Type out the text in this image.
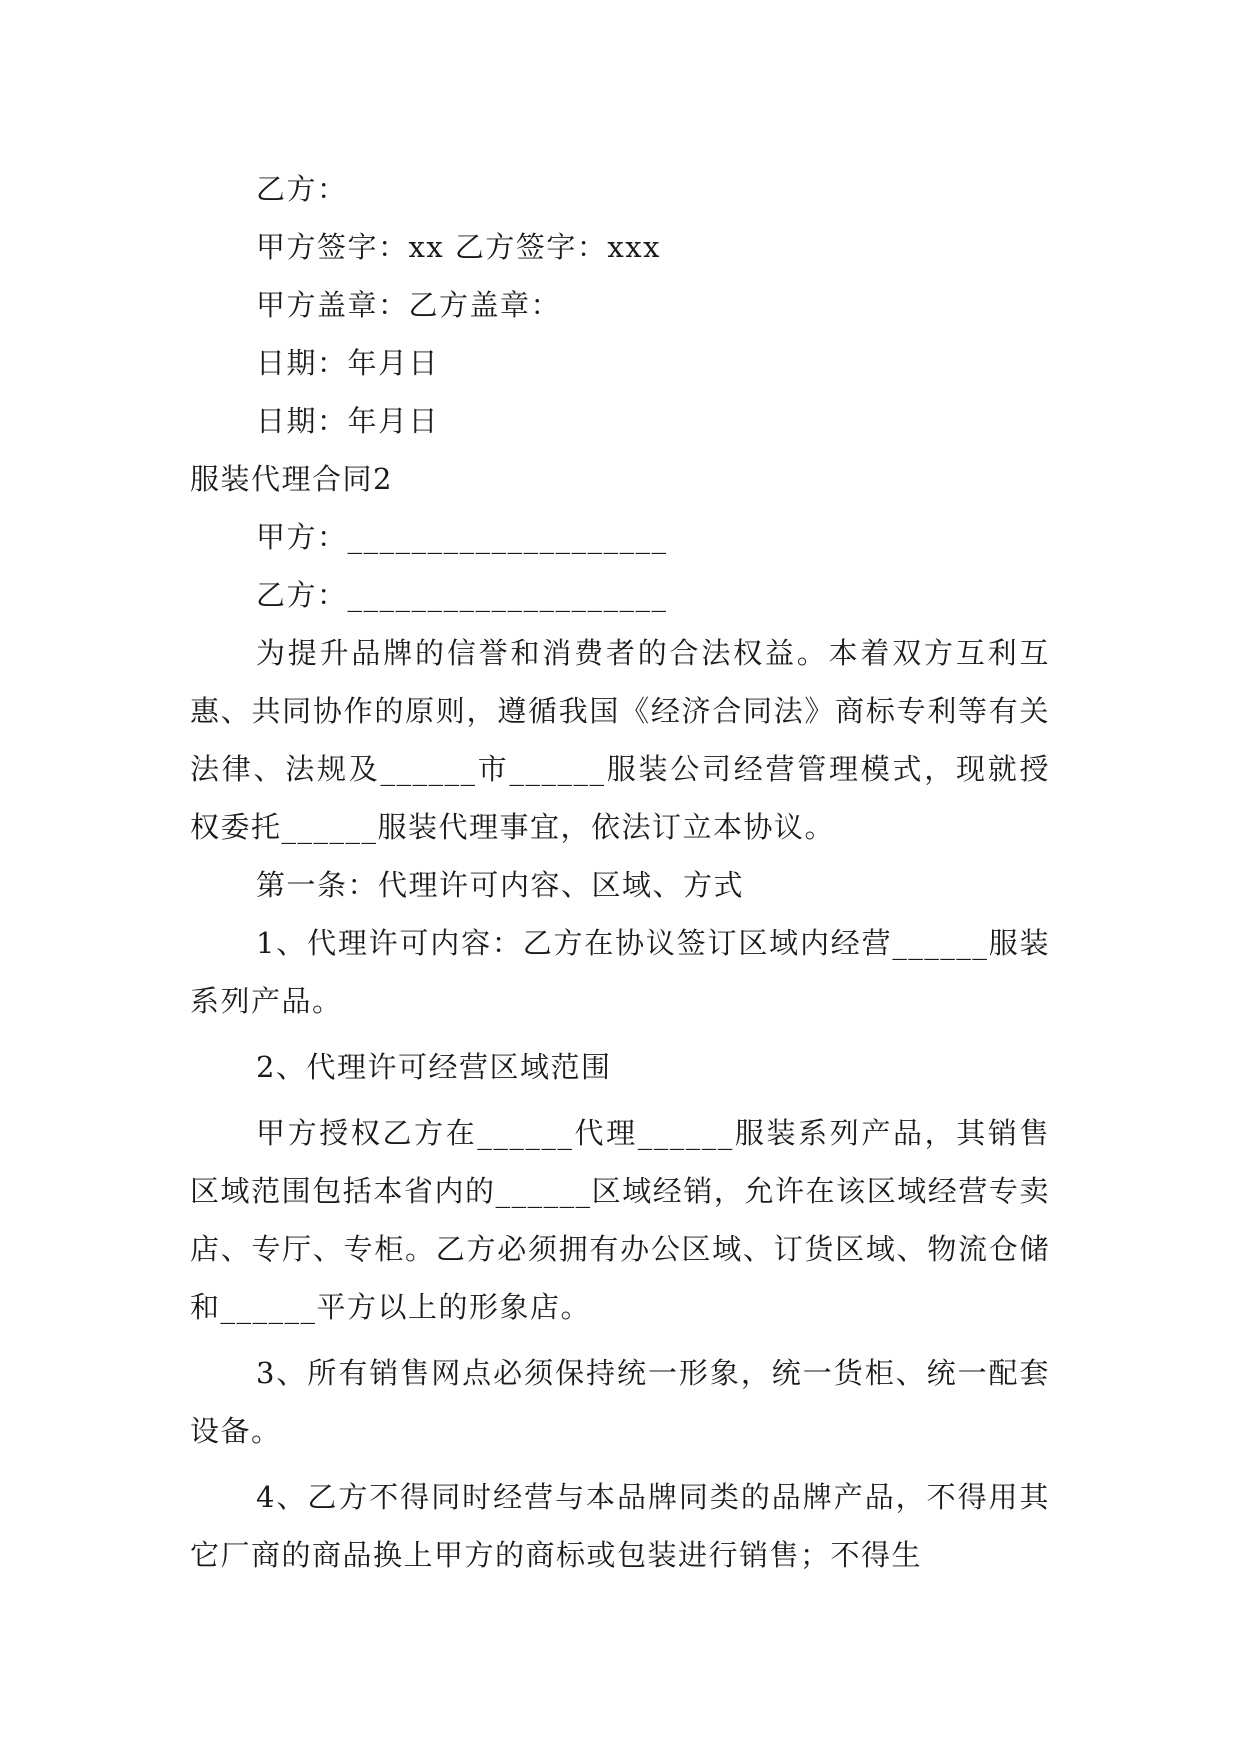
乙方：
甲方签字：xx 乙方签字：xxx
甲方盖章：乙方盖章：
日期：年月日
日期：年月日
服装代理合同2
甲方：____________________
乙方：____________________

为提升品牌的信誉和消费者的合法权益。本着双方互利互惠、共同协作的原则，遵循我国《经济合同法》商标专利等有关法律、法规及______市______服装公司经营管理模式，现就授权委托______服装代理事宜，依法订立本协议。

第一条：代理许可内容、区域、方式

1、代理许可内容：乙方在协议签订区域内经营______服装系列产品。

2、代理许可经营区域范围

甲方授权乙方在______代理______服装系列产品，其销售区域范围包括本省内的______区域经销，允许在该区域经营专卖店、专厅、专柜。乙方必须拥有办公区域、订货区域、物流仓储和______平方以上的形象店。

3、所有销售网点必须保持统一形象，统一货柜、统一配套设备。

4、乙方不得同时经营与本品牌同类的品牌产品，不得用其它厂商的商品换上甲方的商标或包装进行销售；不得生
